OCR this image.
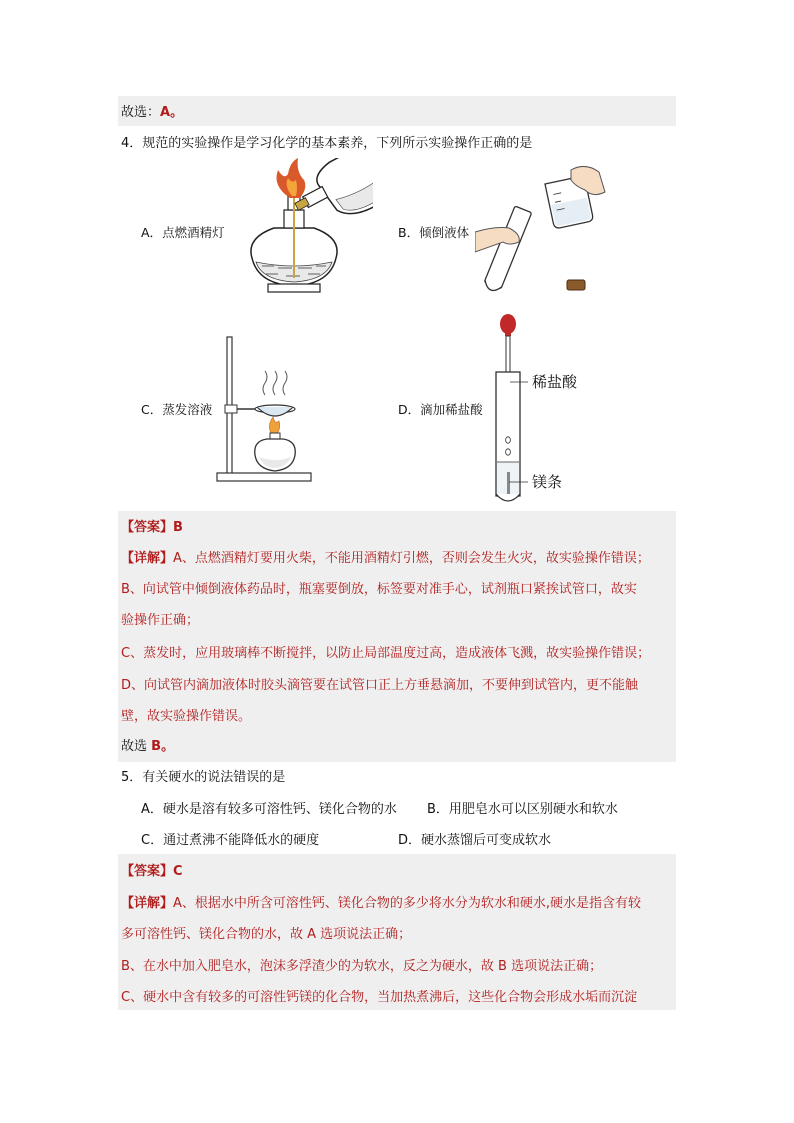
故选：A。
4．规范的实验操作是学习化学的基本素养，下列所示实验操作正确的是
A．点燃酒精灯	B．倾倒液体
C．蒸发溶液	D．滴加稀盐酸
稀盐酸
镁条
【答案】B
【详解】A、点燃酒精灯要用火柴，不能用酒精灯引燃，否则会发生火灾，故实验操作错误；
B、向试管中倾倒液体药品时，瓶塞要倒放，标签要对准手心，试剂瓶口紧挨试管口，故实
验操作正确；
C、蒸发时，应用玻璃棒不断搅拌，以防止局部温度过高，造成液体飞溅，故实验操作错误；
D、向试管内滴加液体时胶头滴管要在试管口正上方垂悬滴加，不要伸到试管内，更不能触
壁，故实验操作错误。
故选 B。
5．有关硬水的说法错误的是
A．硬水是溶有较多可溶性钙、镁化合物的水 B．用肥皂水可以区别硬水和软水
C．通过煮沸不能降低水的硬度	D．硬水蒸馏后可变成软水
【答案】C
【详解】A、根据水中所含可溶性钙、镁化合物的多少将水分为软水和硬水,硬水是指含有较
多可溶性钙、镁化合物的水，故 A 选项说法正确；
B、在水中加入肥皂水，泡沫多浮渣少的为软水，反之为硬水，故 B 选项说法正确；
C、硬水中含有较多的可溶性钙镁的化合物，当加热煮沸后，这些化合物会形成水垢而沉淀
